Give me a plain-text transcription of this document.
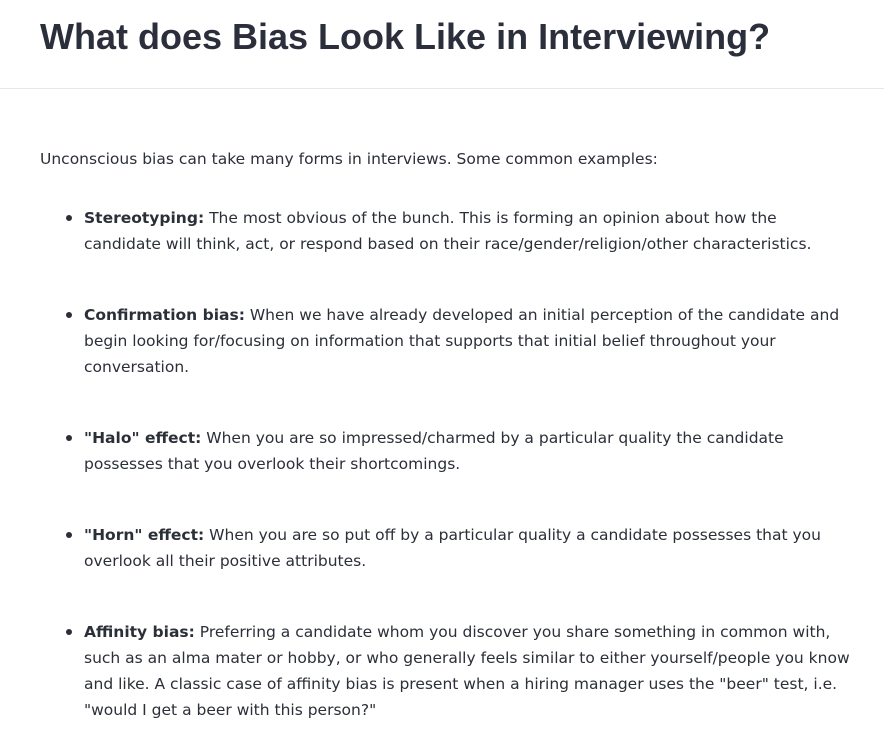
What does Bias Look Like in Interviewing?

Unconscious bias can take many forms in interviews. Some common examples:

Stereotyping: The most obvious of the bunch. This is forming an opinion about how the candidate will think, act, or respond based on their race/gender/religion/other characteristics.
Confirmation bias: When we have already developed an initial perception of the candidate and begin looking for/focusing on information that supports that initial belief throughout your conversation.
"Halo" effect: When you are so impressed/charmed by a particular quality the candidate possesses that you overlook their shortcomings.
"Horn" effect: When you are so put off by a particular quality a candidate possesses that you overlook all their positive attributes.
Affinity bias: Preferring a candidate whom you discover you share something in common with, such as an alma mater or hobby, or who generally feels similar to either yourself/people you know and like. A classic case of affinity bias is present when a hiring manager uses the "beer" test, i.e. "would I get a beer with this person?"
